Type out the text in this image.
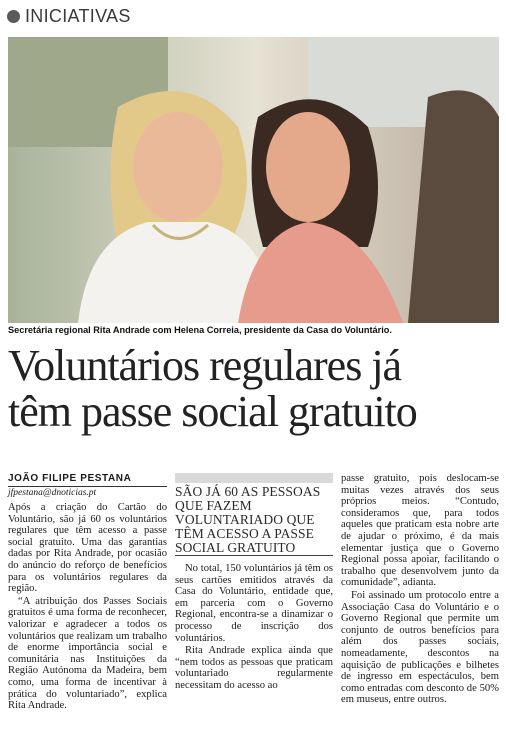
INICIATIVAS
Secretária regional Rita Andrade com Helena Correia, presidente da Casa do Voluntário.
Voluntários regulares já
têm passe social gratuito
JOÃO FILIPE PESTANA
jfpestana@dnoticias.pt

Após a criação do Cartão do Voluntário, são já 60 os voluntários regulares que têm acesso a passe social gratuito. Uma das garantias dadas por Rita Andrade, por ocasião do anúncio do reforço de benefícios para os voluntários regulares da região.

“A atribuição dos Passes Sociais gratuitos é uma forma de reconhecer, valorizar e agradecer a todos os voluntários que realizam um trabalho de enorme importância social e comunitária nas Instituições da Região Autónoma da Madeira, bem como, uma forma de incentivar à prática do voluntariado”, explica Rita Andrade.

SÃO JÁ 60 AS PESSOAS QUE FAZEM VOLUNTARIADO QUE TÊM ACESSO A PASSE SOCIAL GRATUITO

No total, 150 voluntários já têm os seus cartões emitidos através da Casa do Voluntário, entidade que, em parceria com o Governo Regional, encontra-se a dinamizar o processo de inscrição dos voluntários.

Rita Andrade explica ainda que “nem todos as pessoas que praticam voluntariado regularmente necessitam do acesso ao

passe gratuito, pois deslocam-se muitas vezes através dos seus próprios meios. “Contudo, consideramos que, para todos aqueles que praticam esta nobre arte de ajudar o próximo, é da mais elementar justiça que o Governo Regional possa apoiar, facilitando o trabalho que desenvolvem junto da comunidade”, adianta.

Foi assinado um protocolo entre a Associação Casa do Voluntário e o Governo Regional que permite um conjunto de outros benefícios para além dos passes sociais, nomeadamente, descontos na aquisição de publicações e bilhetes de ingresso em espectáculos, bem como entradas com desconto de 50% em museus, entre outros.
